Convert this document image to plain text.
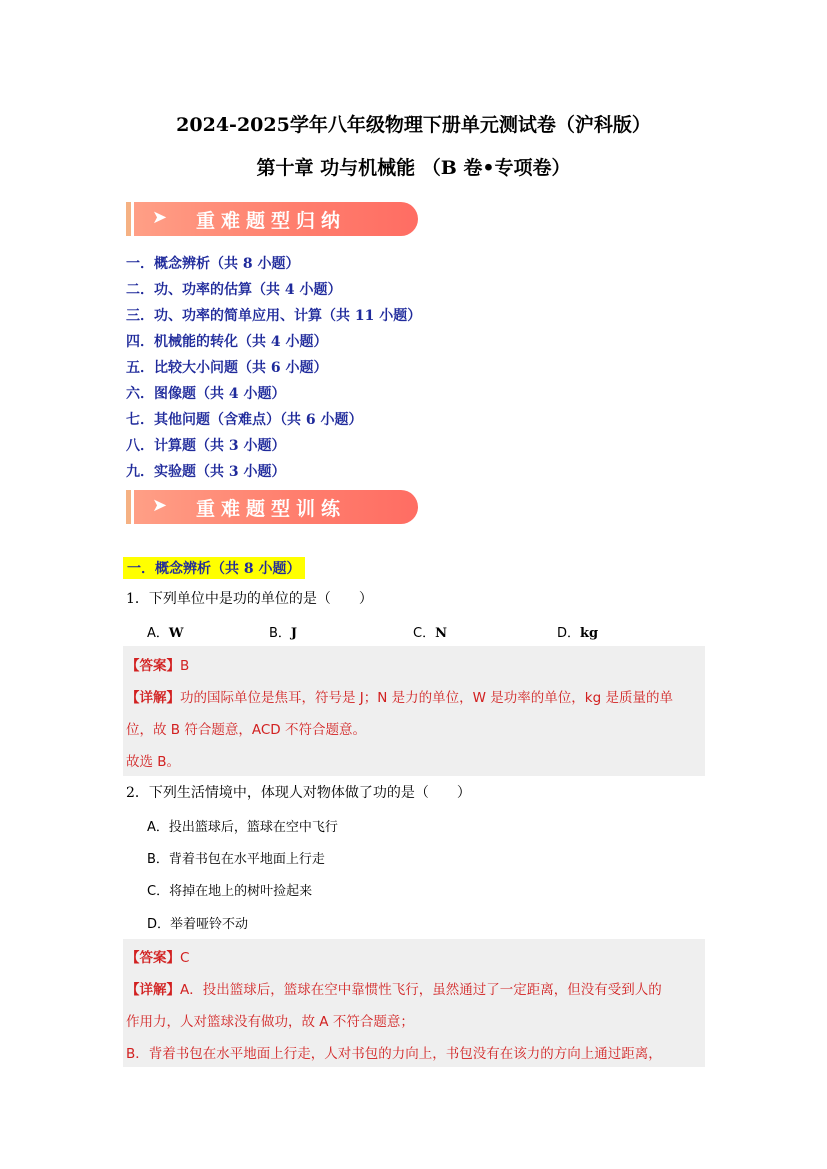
2024-2025学年八年级物理下册单元测试卷（沪科版）
第十章 功与机械能 （B 卷•专项卷）
➤ 重难题型归纳
一．概念辨析（共 8 小题）
二．功、功率的估算（共 4 小题）
三．功、功率的简单应用、计算（共 11 小题）
四．机械能的转化（共 4 小题）
五．比较大小问题（共 6 小题）
六．图像题（共 4 小题）
七．其他问题（含难点）（共 6 小题）
八．计算题（共 3 小题）
九．实验题（共 3 小题）
➤ 重难题型训练
一．概念辨析（共 8 小题）
1．下列单位中是功的单位的是（　　）
A．W	B．J	C．N	D．kg
【答案】B
【详解】功的国际单位是焦耳，符号是 J；N 是力的单位，W 是功率的单位，kg 是质量的单
位，故 B 符合题意，ACD 不符合题意。
故选 B。
2．下列生活情境中，体现人对物体做了功的是（　　）
A．投出篮球后，篮球在空中飞行
B．背着书包在水平地面上行走
C．将掉在地上的树叶捡起来
D．举着哑铃不动
【答案】C
【详解】A．投出篮球后，篮球在空中靠惯性飞行，虽然通过了一定距离，但没有受到人的
作用力，人对篮球没有做功，故 A 不符合题意；
B．背着书包在水平地面上行走，人对书包的力向上，书包没有在该力的方向上通过距离，
